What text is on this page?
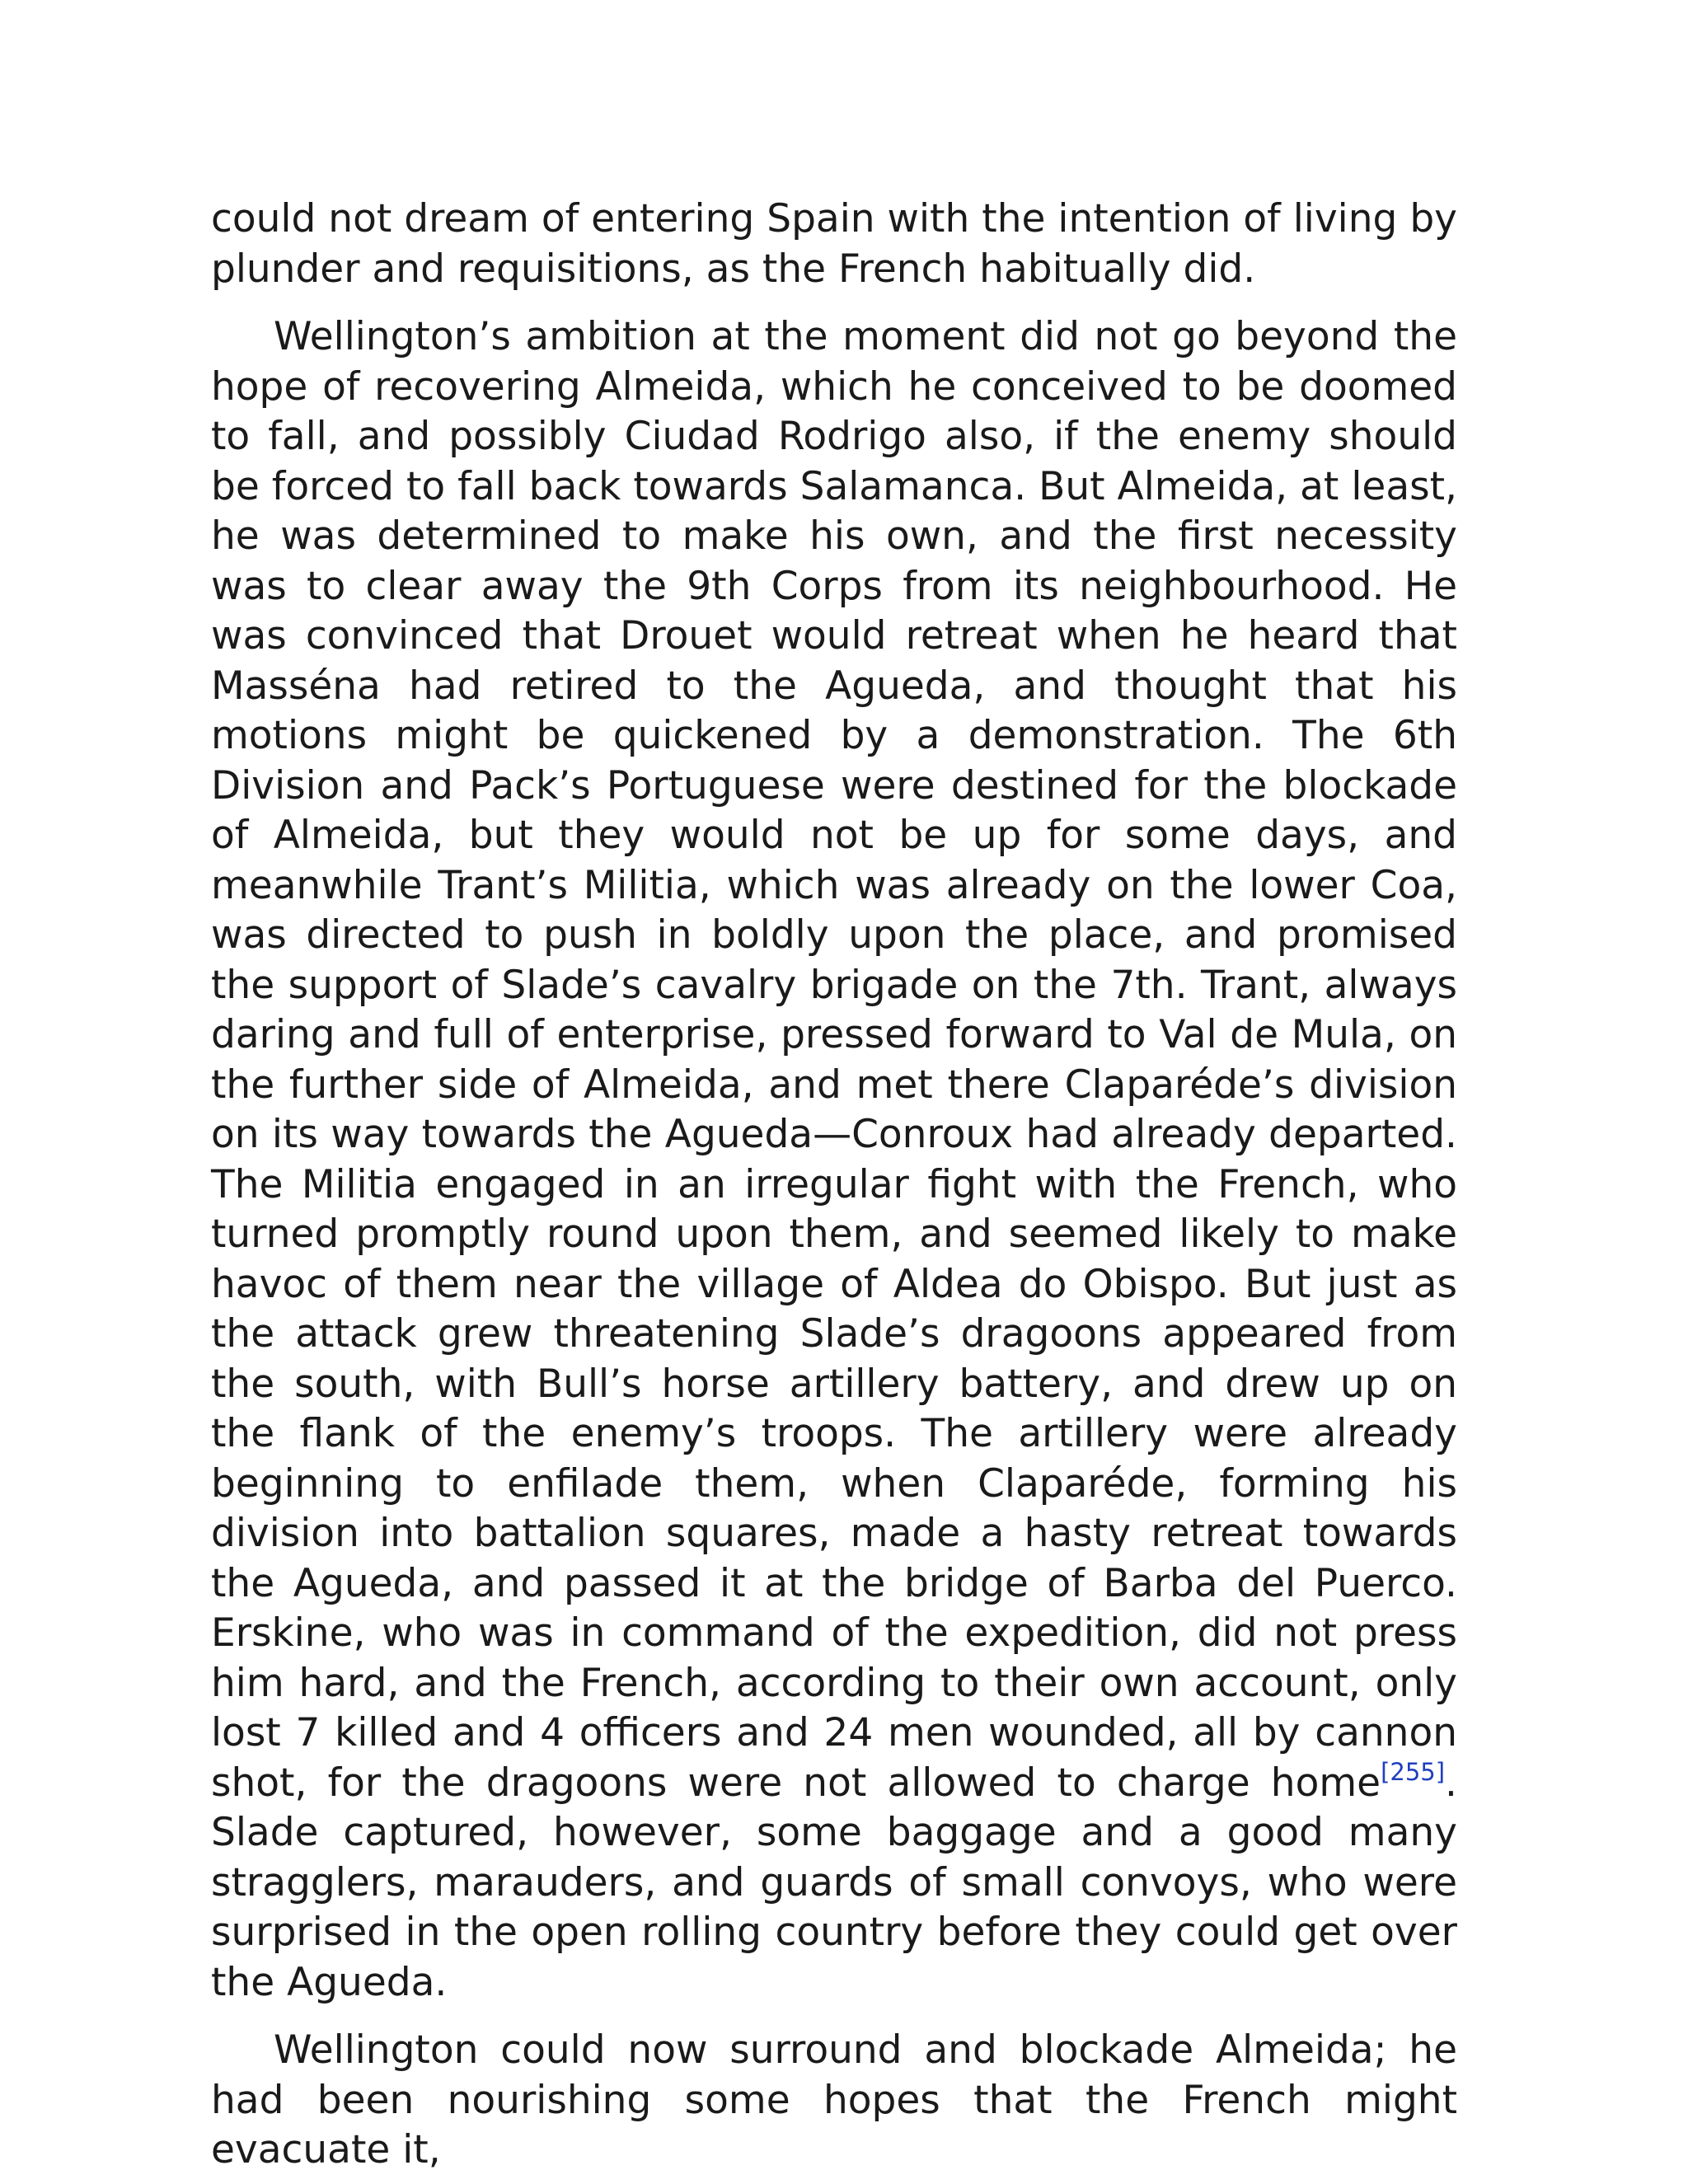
could not dream of entering Spain with the intention of living by plunder and requisitions, as the French habitually did.

Wellington’s ambition at the moment did not go beyond the hope of recovering Almeida, which he conceived to be doomed to fall, and possibly Ciudad Rodrigo also, if the enemy should be forced to fall back towards Salamanca. But Almeida, at least, he was determined to make his own, and the first necessity was to clear away the 9th Corps from its neighbourhood. He was convinced that Drouet would retreat when he heard that Masséna had retired to the Agueda, and thought that his motions might be quickened by a demonstration. The 6th Division and Pack’s Portuguese were destined for the blockade of Almeida, but they would not be up for some days, and meanwhile Trant’s Militia, which was already on the lower Coa, was directed to push in boldly upon the place, and promised the support of Slade’s cavalry brigade on the 7th. Trant, always daring and full of enterprise, pressed forward to Val de Mula, on the further side of Almeida, and met there Claparéde’s division on its way towards the Agueda—Conroux had already departed. The Militia engaged in an irregular fight with the French, who turned promptly round upon them, and seemed likely to make havoc of them near the village of Aldea do Obispo. But just as the attack grew threatening Slade’s dragoons appeared from the south, with Bull’s horse artillery battery, and drew up on the flank of the enemy’s troops. The artillery were already beginning to enfilade them, when Claparéde, forming his division into battalion squares, made a hasty retreat towards the Agueda, and passed it at the bridge of Barba del Puerco. Erskine, who was in command of the expedition, did not press him hard, and the French, according to their own account, only lost 7 killed and 4 officers and 24 men wounded, all by cannon shot, for the dragoons were not allowed to charge home[255]. Slade captured, however, some baggage and a good many stragglers, marauders, and guards of small convoys, who were surprised in the open rolling country before they could get over the Agueda.

Wellington could now surround and blockade Almeida; he had been nourishing some hopes that the French might evacuate it,
